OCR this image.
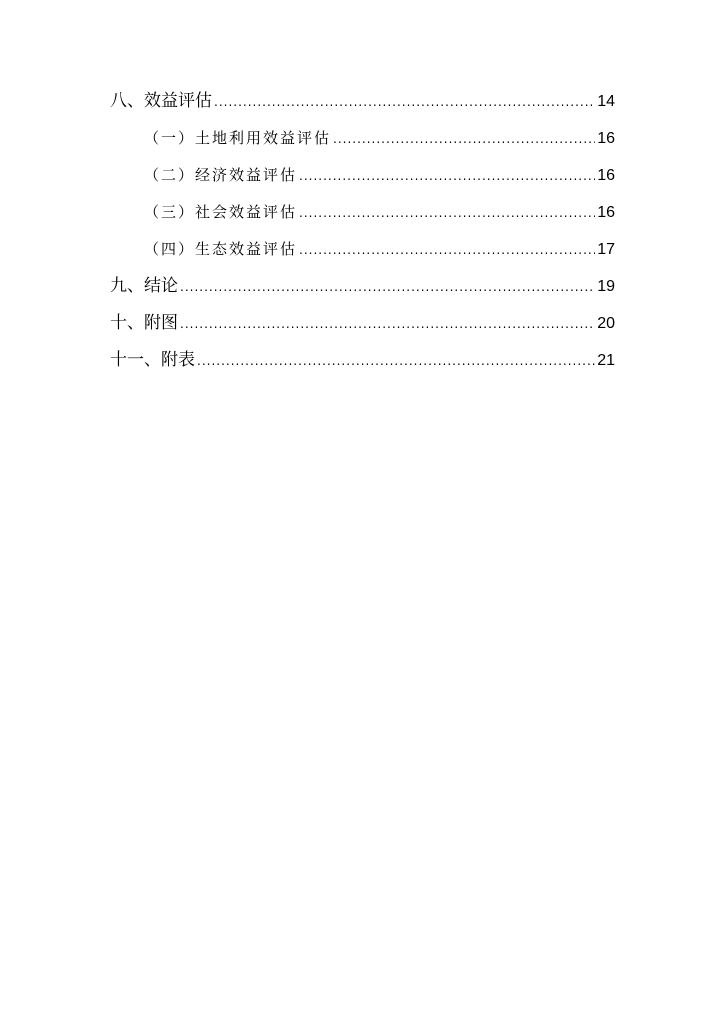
八、效益评估 .....	14
（一）土地利用效益评估 .....	16
（二）经济效益评估 .....	16
（三）社会效益评估 .....	16
（四）生态效益评估 .....	17
九、结论 .....	19
十、附图 .....	20
十一、附表 .....	21
